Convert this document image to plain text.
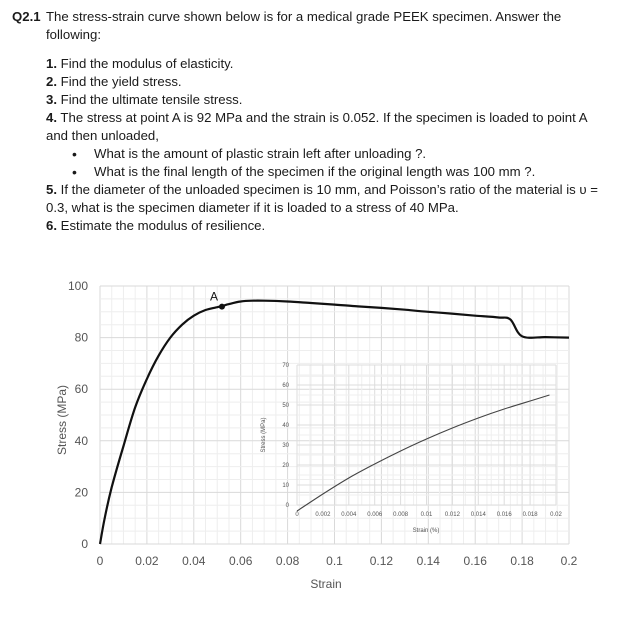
Q2.1 The stress-strain curve shown below is for a medical grade PEEK specimen. Answer the following:

1. Find the modulus of elasticity.

2. Find the yield stress.

3. Find the ultimate tensile stress.

4. The stress at point A is 92 MPa and the strain is 0.052. If the specimen is loaded to point A and then unloaded,

• What is the amount of plastic strain left after unloading ?.

• What is the final length of the specimen if the original length was 100 mm ?.

5. If the diameter of the unloaded specimen is 10 mm, and Poisson’s ratio of the material is υ = 0.3, what is the specimen diameter if it is loaded to a stress of 40 MPa.

6. Estimate the modulus of resilience.

0	0.02 0.04 0.06 0.08 0.1 0.12 0.14 0.16 0.18 0.2
0
20
40
60
80
100
0	0.002 0.004 0.006 0.008 0.01 0.012 0.014 0.016 0.018 0.02
0
10
20
30
40
50
60
70
Stress (MPa)
Strain
Stress (MPa)
Strain (%)
A
